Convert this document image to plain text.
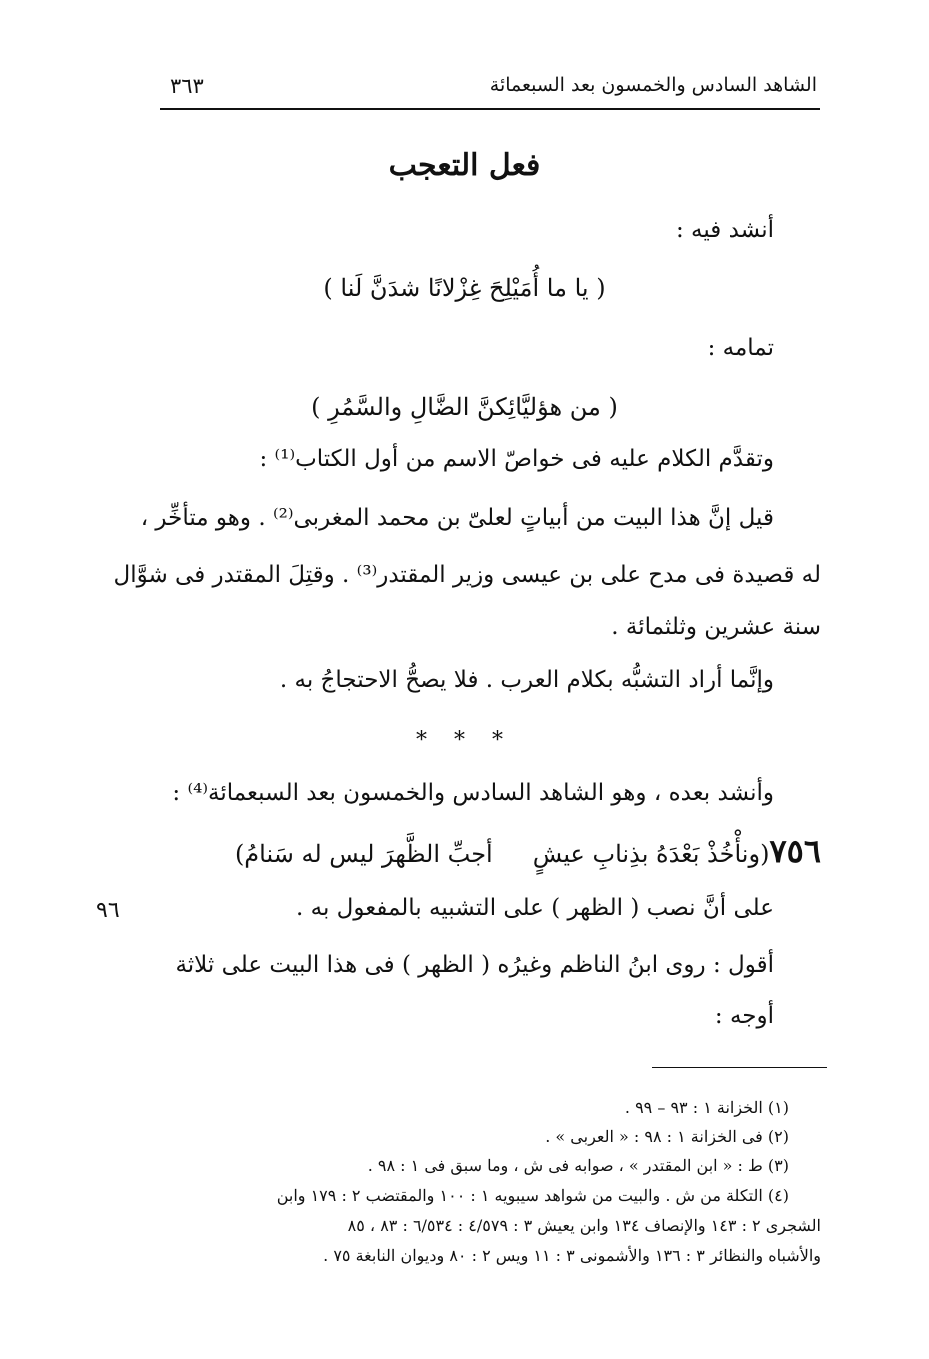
الشاهد السادس والخمسون بعد السبعمائة
٣٦٣
فعل التعجب
أنشد فيه :
( يا ما أُمَيْلِحَ غِزْلانًا شدَنَّ لَنا )
تمامه :
( من هؤليَّائِكنَّ الضَّالِ والسَّمُرِ )
وتقدَّم الكلام عليه فى خواصّ الاسم من أول الكتاب⁽¹⁾ :
قيل إنَّ هذا البيت من أبياتٍ لعلىّ بن محمد المغربى⁽²⁾ . وهو متأخِّر ،
له قصيدة فى مدح على بن عيسى وزير المقتدر⁽³⁾ . وقتِلَ المقتدر فى شوَّال
سنة عشرين وثلثمائة .
وإنَّما أراد التشبُّه بكلام العرب . فلا يصحُّ الاحتجاجُ به .
* * *
وأنشد بعده ، وهو الشاهد السادس والخمسون بعد السبعمائة⁽⁴⁾ :
٧٥٦(ونأْخُذْ بَعْدَهُ بذِنابِ عيشٍأجبِّ الظَّهرَ ليس له سَنامُ)
على أنَّ نصب ( الظهر ) على التشبيه بالمفعول به .
٩٦
أقول : روى ابنُ الناظم وغيرُه ( الظهر ) فى هذا البيت على ثلاثة
أوجه :
(١) الخزانة ١ : ٩٣ – ٩٩ .
(٢) فى الخزانة ١ : ٩٨ : « العربى » .
(٣) ط : « ابن المقتدر » ، صوابه فى ش ، وما سبق فى ١ : ٩٨ .
(٤) التكلة من ش . والبيت من شواهد سيبويه ١ : ١٠٠ والمقتضب ٢ : ١٧٩ وابن
الشجرى ٢ : ١٤٣ والإنصاف ١٣٤ وابن يعيش ٣ : ٤/٥٧٩ : ٦/٥٣٤ : ٨٣ ، ٨٥
والأشباه والنظائر ٣ : ١٣٦ والأشمونى ٣ : ١١ ويس ٢ : ٨٠ وديوان النابغة ٧٥ .
